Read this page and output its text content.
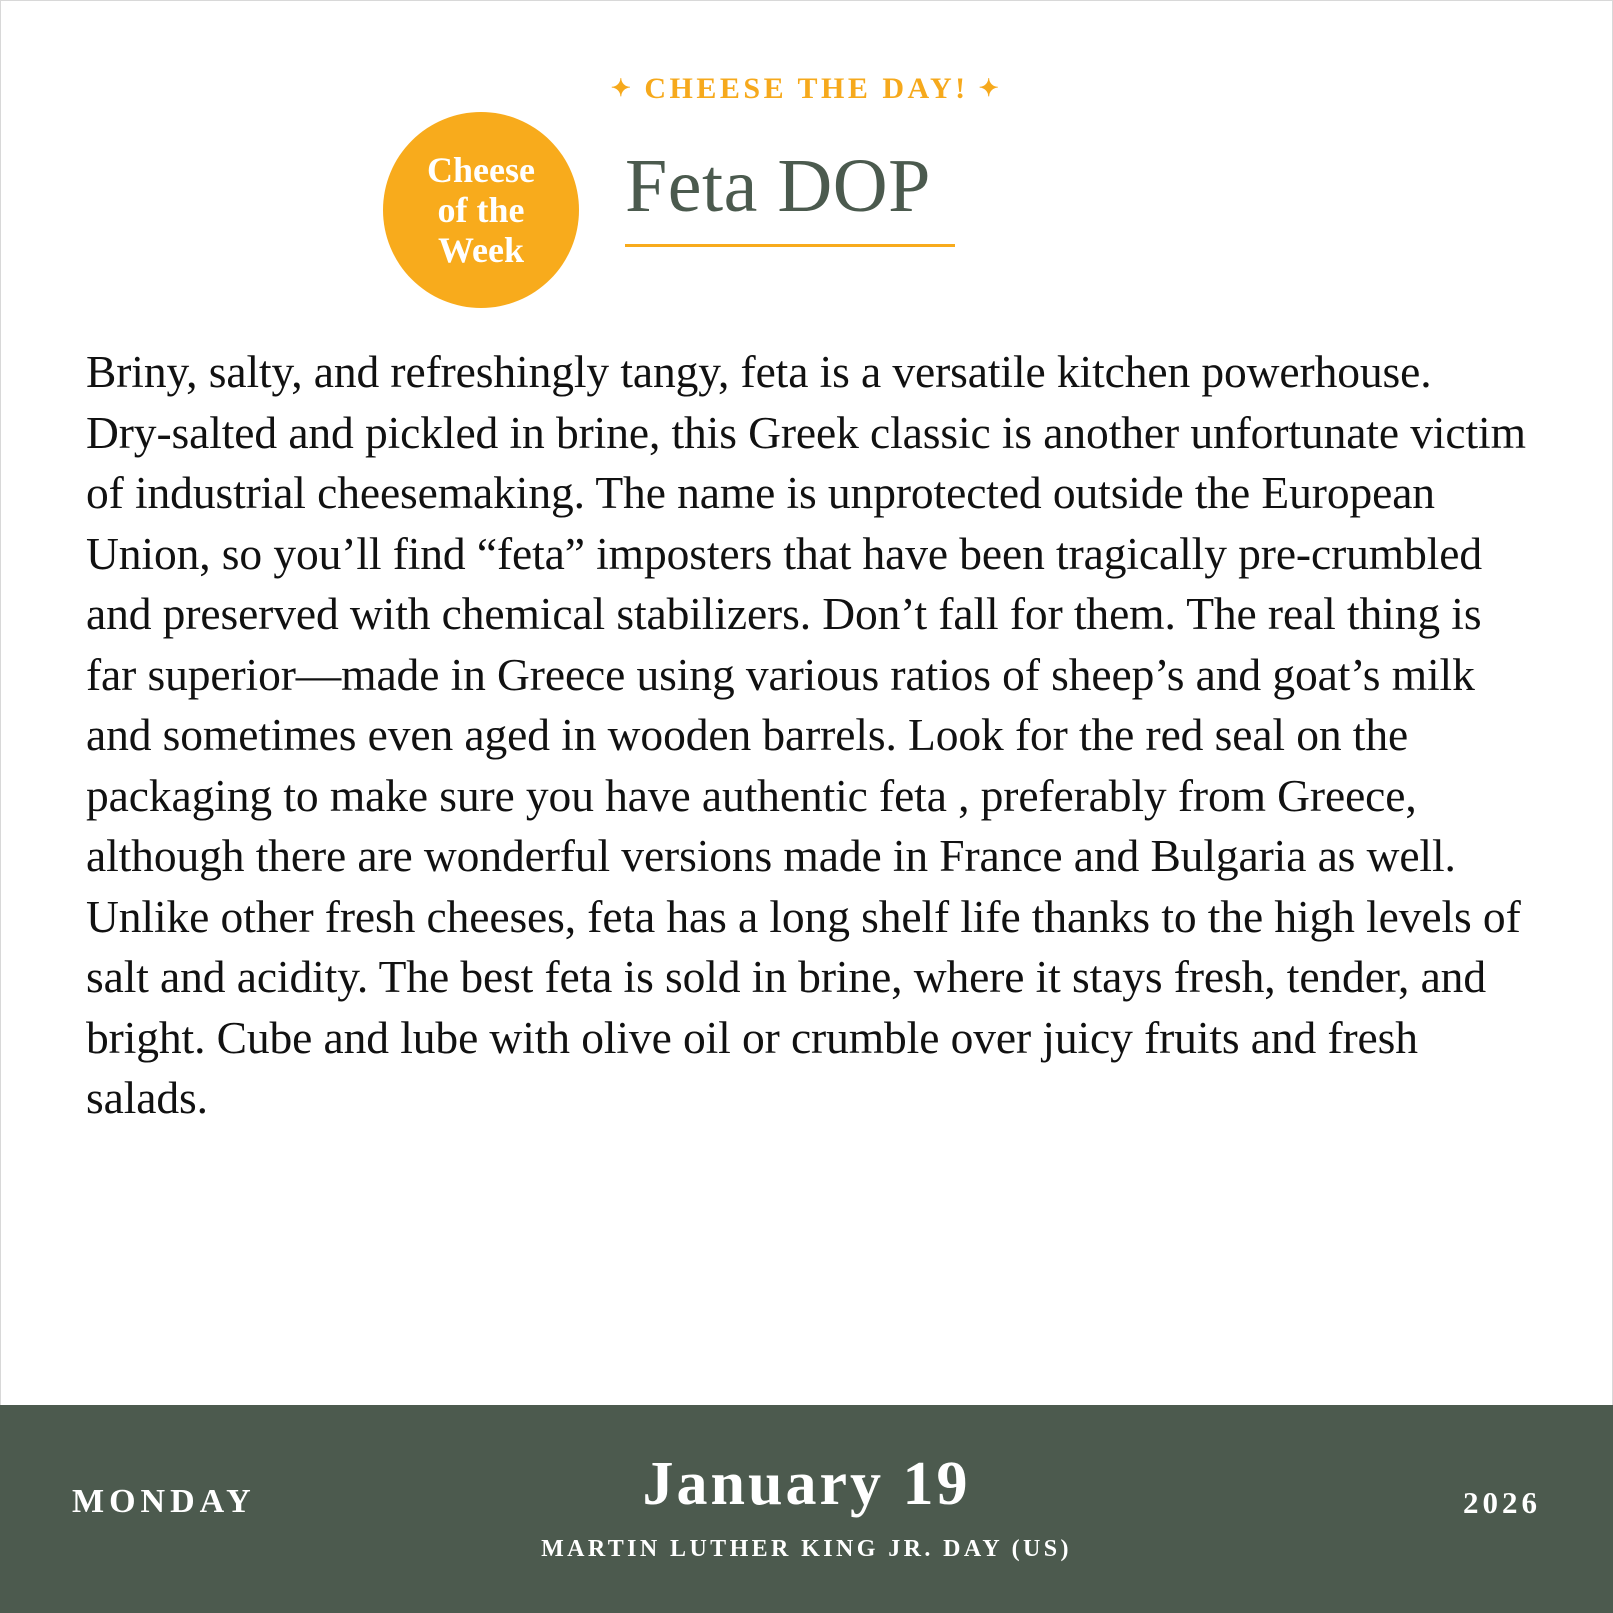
✦ CHEESE THE DAY! ✦
Cheese
of the
Week
Feta DOP

Briny, salty, and refreshingly tangy, feta is a versatile kitchen powerhouse. Dry-salted and pickled in brine, this Greek classic is another unfortunate victim of industrial cheesemaking. The name is unprotected outside the European Union, so you’ll find “feta” imposters that have been tragically pre-crumbled and preserved with chemical stabilizers. Don’t fall for them. The real thing is far superior—made in Greece using various ratios of sheep’s and goat’s milk and sometimes even aged in wooden barrels. Look for the red seal on the packaging to make sure you have authentic feta , preferably from Greece, although there are wonderful versions made in France and Bulgaria as well. Unlike other fresh cheeses, feta has a long shelf life thanks to the high levels of salt and acidity. The best feta is sold in brine, where it stays fresh, tender, and bright. Cube and lube with olive oil or crumble over juicy fruits and fresh salads.

MONDAY	January 19
MARTIN LUTHER KING JR. DAY (US)
2026
